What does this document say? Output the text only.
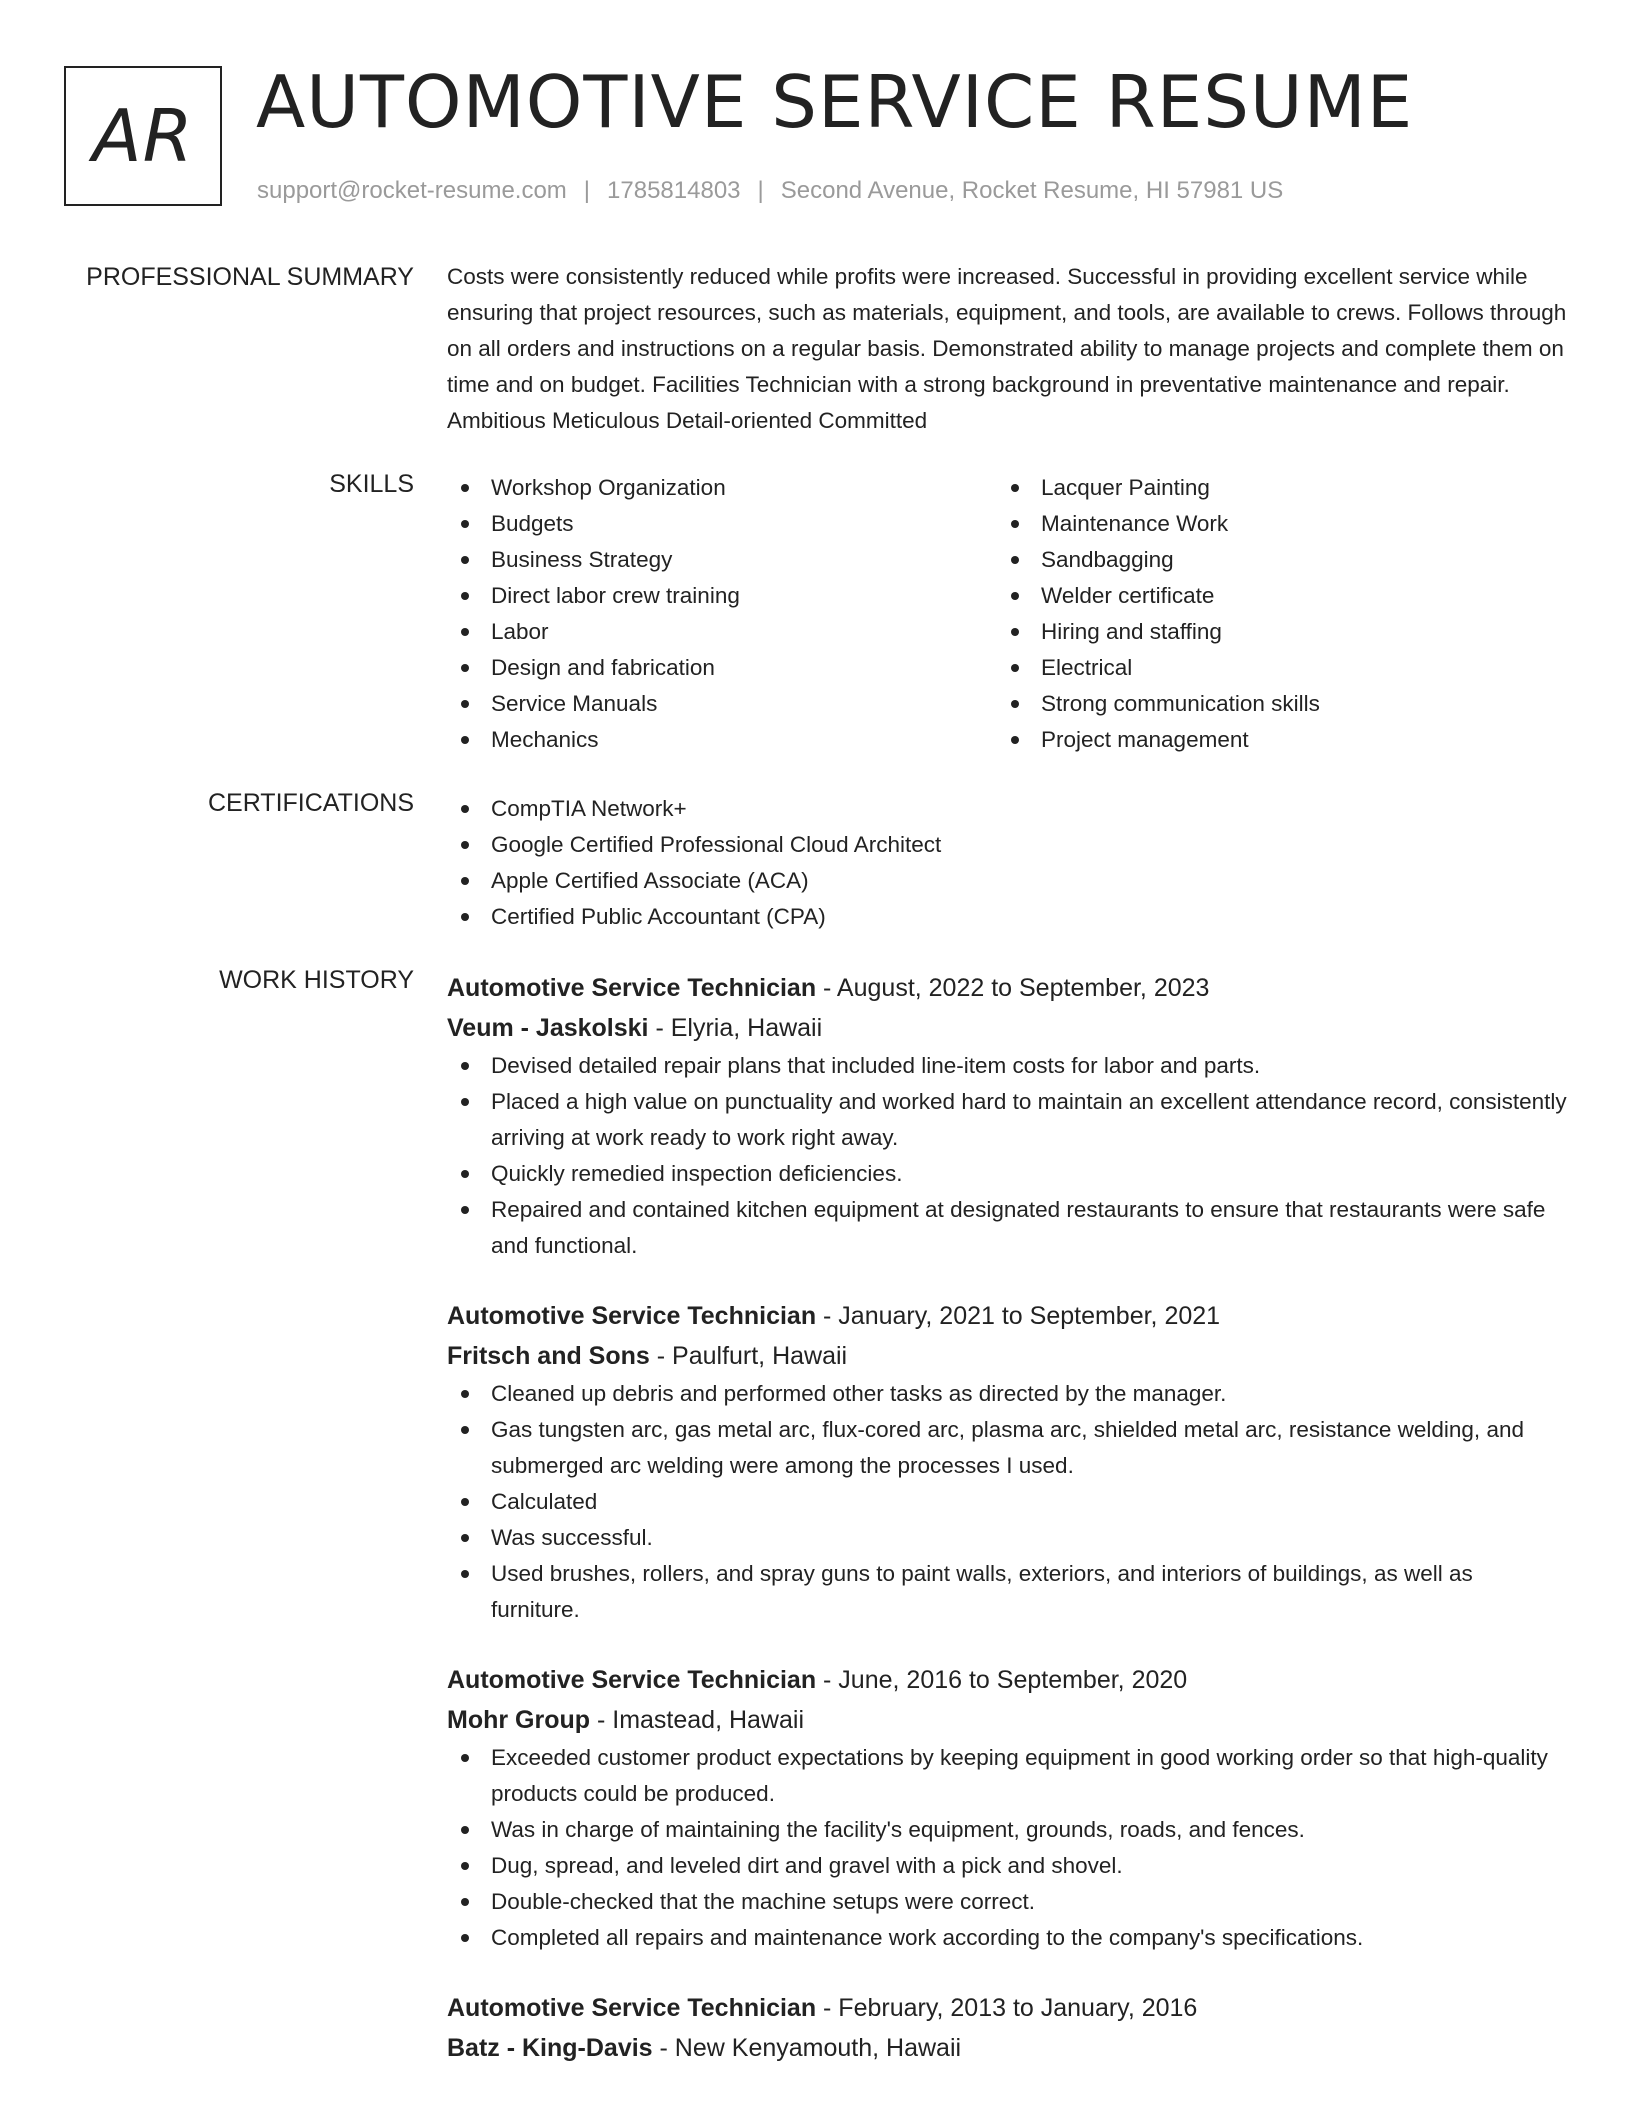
AR AUTOMOTIVE SERVICE RESUME
support@rocket-resume.com | 1785814803 | Second Avenue, Rocket Resume, HI 57981 US
PROFESSIONAL SUMMARY Costs were consistently reduced while profits were increased. Successful in providing excellent service while ensuring that project resources, such as materials, equipment, and tools, are available to crews. Follows through on all orders and instructions on a regular basis. Demonstrated ability to manage projects and complete them on time and on budget. Facilities Technician with a strong background in preventative maintenance and repair. Ambitious Meticulous Detail-oriented Committed

SKILLS	Workshop Organization
Budgets
Business Strategy
Direct labor crew training
Labor
Design and fabrication
Service Manuals
Mechanics
Lacquer Painting
Maintenance Work
Sandbagging
Welder certificate
Hiring and staffing
Electrical
Strong communication skills
Project management
CERTIFICATIONS	CompTIA Network+
Google Certified Professional Cloud Architect
Apple Certified Associate (ACA)
Certified Public Accountant (CPA)
WORK HISTORY Automotive Service Technician - August, 2022 to September, 2023
Veum - Jaskolski - Elyria, Hawaii
Devised detailed repair plans that included line-item costs for labor and parts.
Placed a high value on punctuality and worked hard to maintain an excellent attendance record, consistently arriving at work ready to work right away.
Quickly remedied inspection deficiencies.
Repaired and contained kitchen equipment at designated restaurants to ensure that restaurants were safe and functional.
Automotive Service Technician - January, 2021 to September, 2021
Fritsch and Sons - Paulfurt, Hawaii
Cleaned up debris and performed other tasks as directed by the manager.
Gas tungsten arc, gas metal arc, flux-cored arc, plasma arc, shielded metal arc, resistance welding, and submerged arc welding were among the processes I used.
Calculated
Was successful.
Used brushes, rollers, and spray guns to paint walls, exteriors, and interiors of buildings, as well as furniture.
Automotive Service Technician - June, 2016 to September, 2020
Mohr Group - Imastead, Hawaii
Exceeded customer product expectations by keeping equipment in good working order so that high-quality products could be produced.
Was in charge of maintaining the facility's equipment, grounds, roads, and fences.
Dug, spread, and leveled dirt and gravel with a pick and shovel.
Double-checked that the machine setups were correct.
Completed all repairs and maintenance work according to the company's specifications.
Automotive Service Technician - February, 2013 to January, 2016
Batz - King-Davis - New Kenyamouth, Hawaii
